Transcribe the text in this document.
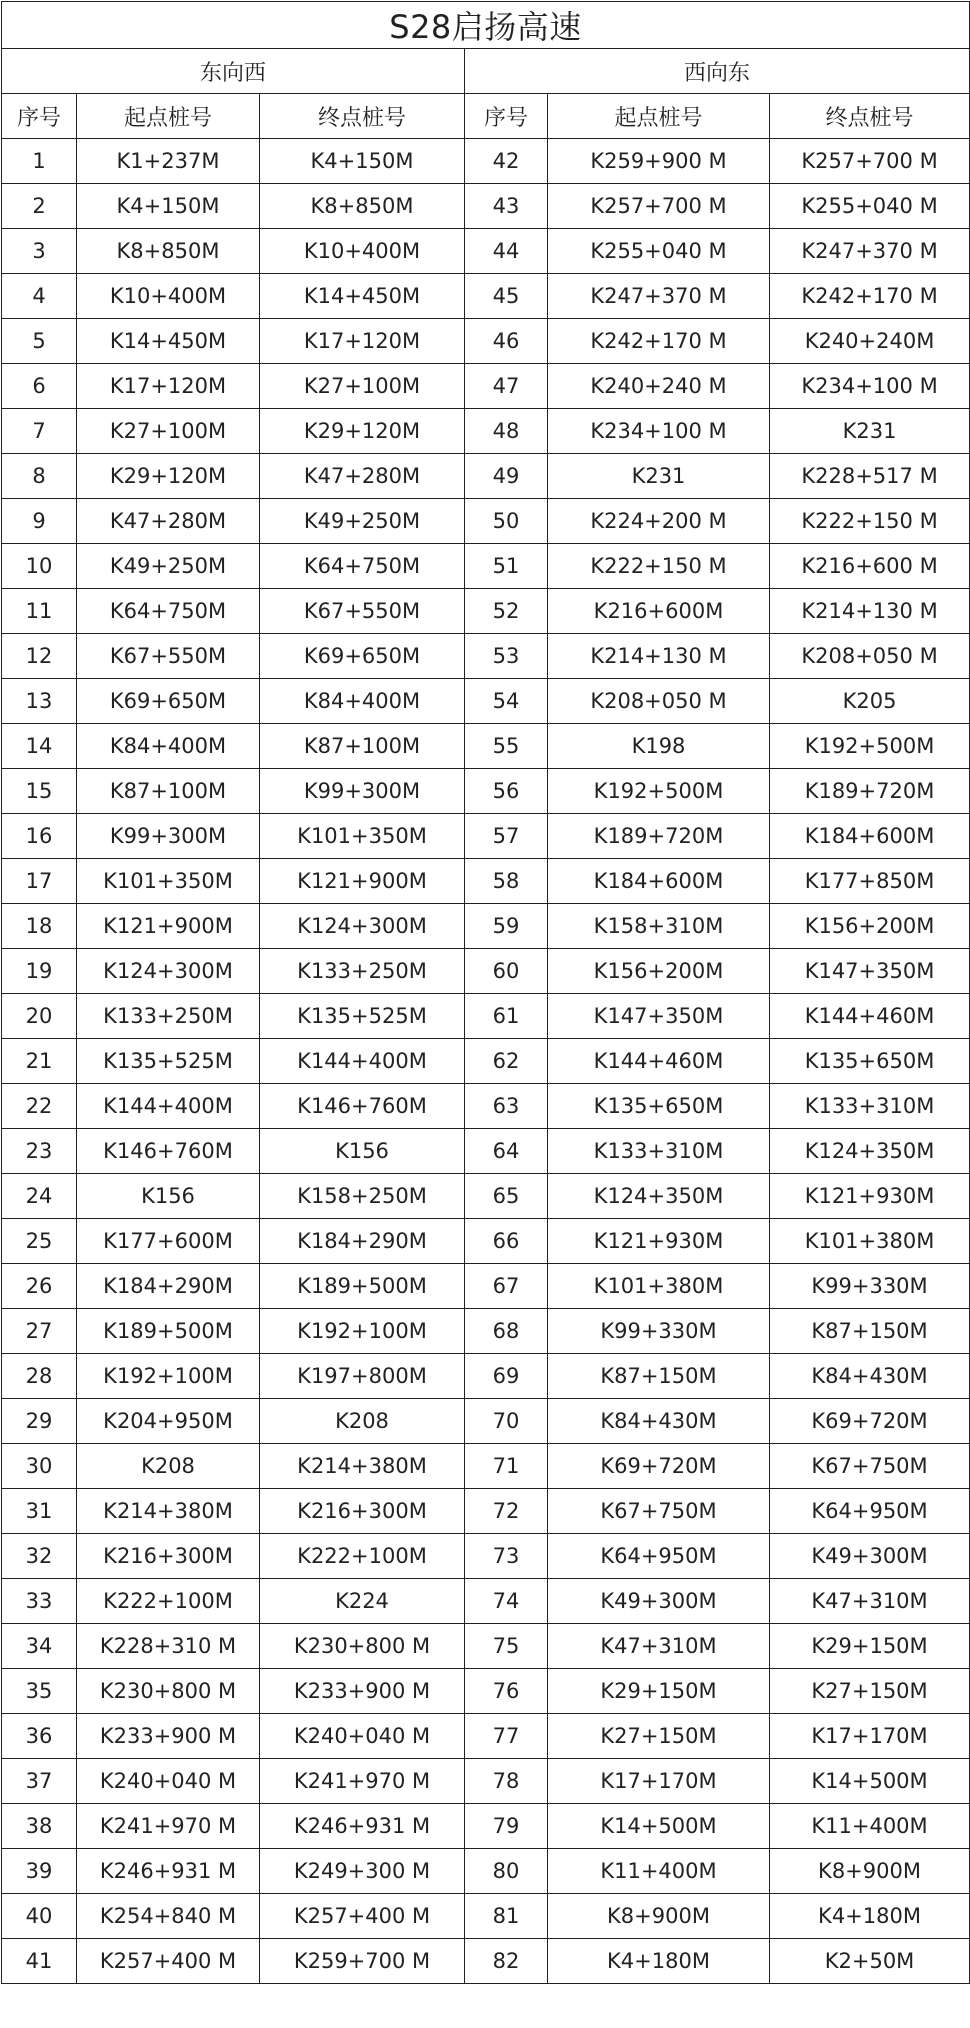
S28启扬高速					
东向西			西向东		
序号	起点桩号	终点桩号	序号	起点桩号	终点桩号
1	K1+237M	K4+150M	42	K259+900 M	K257+700 M
2	K4+150M	K8+850M	43	K257+700 M	K255+040 M
3	K8+850M	K10+400M	44	K255+040 M	K247+370 M
4	K10+400M	K14+450M	45	K247+370 M	K242+170 M
5	K14+450M	K17+120M	46	K242+170 M	K240+240M
6	K17+120M	K27+100M	47	K240+240 M	K234+100 M
7	K27+100M	K29+120M	48	K234+100 M	K231
8	K29+120M	K47+280M	49	K231	K228+517 M
9	K47+280M	K49+250M	50	K224+200 M	K222+150 M
10	K49+250M	K64+750M	51	K222+150 M	K216+600 M
11	K64+750M	K67+550M	52	K216+600M	K214+130 M
12	K67+550M	K69+650M	53	K214+130 M	K208+050 M
13	K69+650M	K84+400M	54	K208+050 M	K205
14	K84+400M	K87+100M	55	K198	K192+500M
15	K87+100M	K99+300M	56	K192+500M	K189+720M
16	K99+300M	K101+350M	57	K189+720M	K184+600M
17	K101+350M	K121+900M	58	K184+600M	K177+850M
18	K121+900M	K124+300M	59	K158+310M	K156+200M
19	K124+300M	K133+250M	60	K156+200M	K147+350M
20	K133+250M	K135+525M	61	K147+350M	K144+460M
21	K135+525M	K144+400M	62	K144+460M	K135+650M
22	K144+400M	K146+760M	63	K135+650M	K133+310M
23	K146+760M	K156	64	K133+310M	K124+350M
24	K156	K158+250M	65	K124+350M	K121+930M
25	K177+600M	K184+290M	66	K121+930M	K101+380M
26	K184+290M	K189+500M	67	K101+380M	K99+330M
27	K189+500M	K192+100M	68	K99+330M	K87+150M
28	K192+100M	K197+800M	69	K87+150M	K84+430M
29	K204+950M	K208	70	K84+430M	K69+720M
30	K208	K214+380M	71	K69+720M	K67+750M
31	K214+380M	K216+300M	72	K67+750M	K64+950M
32	K216+300M	K222+100M	73	K64+950M	K49+300M
33	K222+100M	K224	74	K49+300M	K47+310M
34	K228+310 M	K230+800 M	75	K47+310M	K29+150M
35	K230+800 M	K233+900 M	76	K29+150M	K27+150M
36	K233+900 M	K240+040 M	77	K27+150M	K17+170M
37	K240+040 M	K241+970 M	78	K17+170M	K14+500M
38	K241+970 M	K246+931 M	79	K14+500M	K11+400M
39	K246+931 M	K249+300 M	80	K11+400M	K8+900M
40	K254+840 M	K257+400 M	81	K8+900M	K4+180M
41	K257+400 M	K259+700 M	82	K4+180M	K2+50M
